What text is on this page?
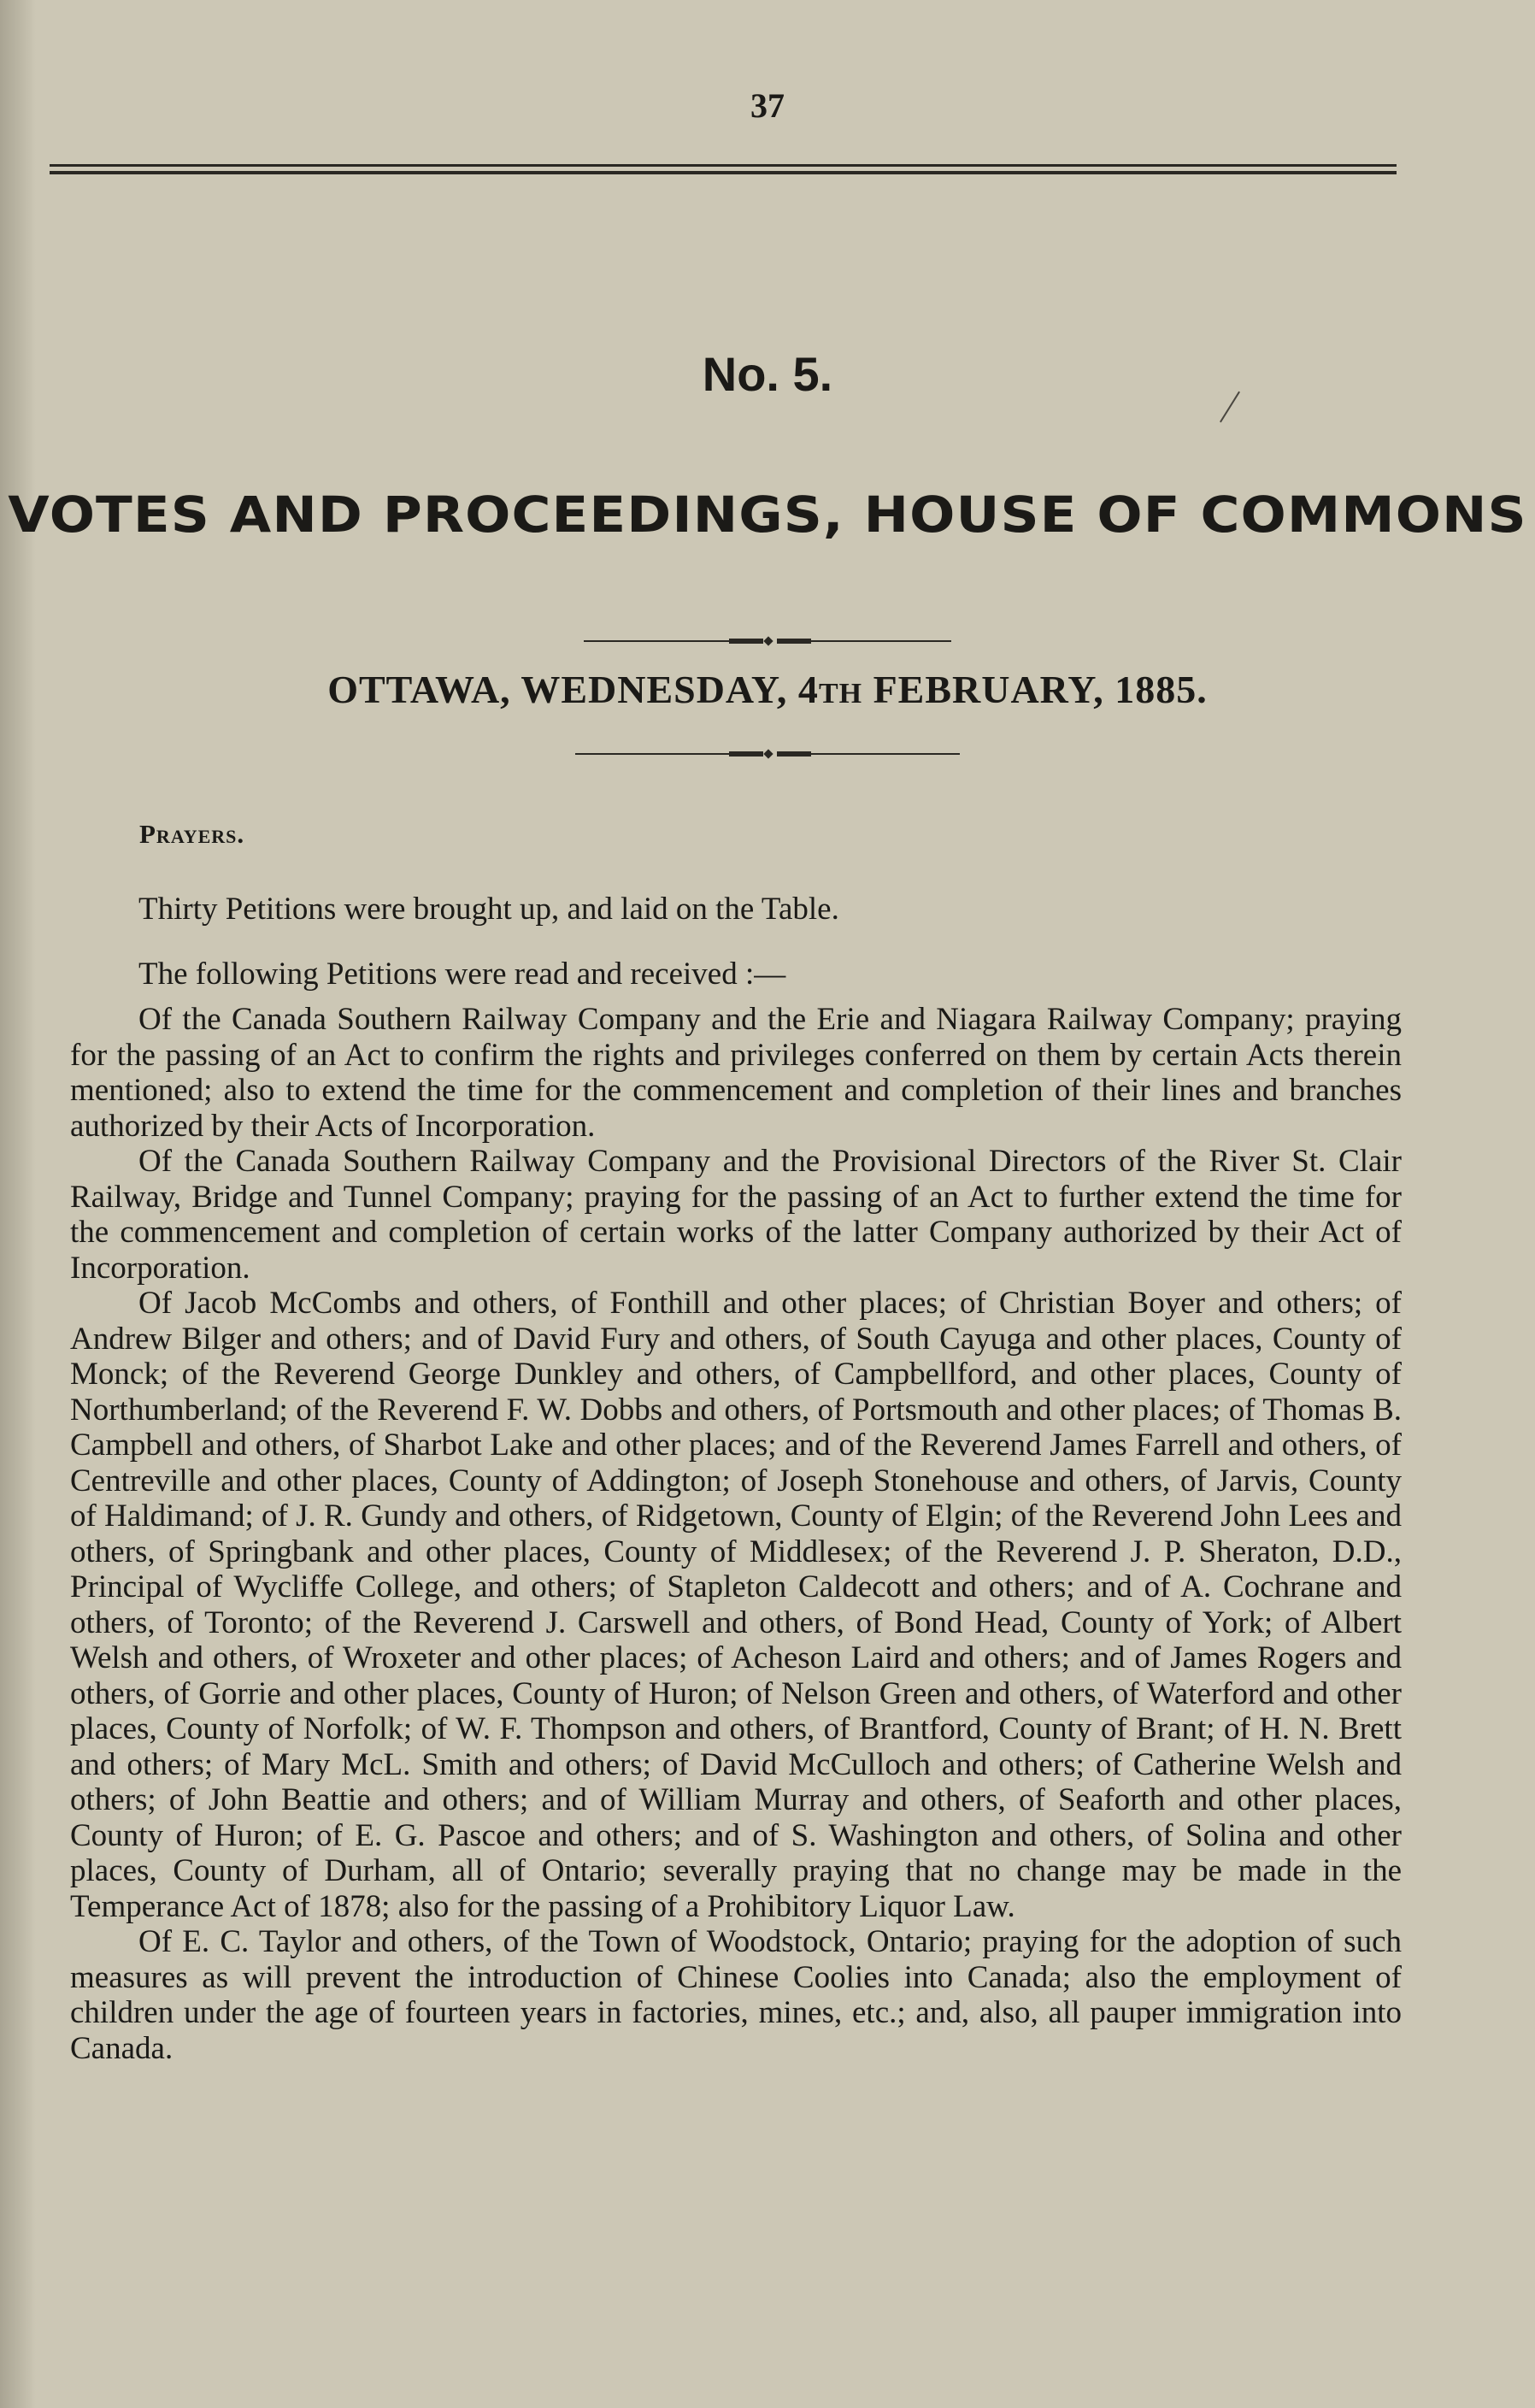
37
No. 5.
VOTES AND PROCEEDINGS, HOUSE OF COMMONS
OTTAWA, WEDNESDAY, 4TH FEBRUARY, 1885.
Prayers.
Thirty Petitions were brought up, and laid on the Table.
The following Petitions were read and received :—

Of the Canada Southern Railway Company and the Erie and Niagara Railway Company; praying for the passing of an Act to confirm the rights and privileges conferred on them by certain Acts therein mentioned; also to extend the time for the commencement and completion of their lines and branches authorized by their Acts of Incorporation.

Of the Canada Southern Railway Company and the Provisional Directors of the River St. Clair Railway, Bridge and Tunnel Company; praying for the passing of an Act to further extend the time for the commencement and completion of certain works of the latter Company authorized by their Act of Incorporation.

Of Jacob McCombs and others, of Fonthill and other places; of Christian Boyer and others; of Andrew Bilger and others; and of David Fury and others, of South Cayuga and other places, County of Monck; of the Reverend George Dunkley and others, of Campbellford, and other places, County of Northumberland; of the Reverend F. W. Dobbs and others, of Portsmouth and other places; of Thomas B. Campbell and others, of Sharbot Lake and other places; and of the Reverend James Farrell and others, of Centreville and other places, County of Addington; of Joseph Stonehouse and others, of Jarvis, County of Haldimand; of J. R. Gundy and others, of Ridgetown, County of Elgin; of the Reverend John Lees and others, of Springbank and other places, County of Middlesex; of the Reverend J. P. Sheraton, D.D., Principal of Wycliffe College, and others; of Stapleton Caldecott and others; and of A. Cochrane and others, of Toronto; of the Reverend J. Carswell and others, of Bond Head, County of York; of Albert Welsh and others, of Wroxeter and other places; of Acheson Laird and others; and of James Rogers and others, of Gorrie and other places, County of Huron; of Nelson Green and others, of Waterford and other places, County of Norfolk; of W. F. Thompson and others, of Brantford, County of Brant; of H. N. Brett and others; of Mary McL. Smith and others; of David McCulloch and others; of Catherine Welsh and others; of John Beattie and others; and of William Murray and others, of Seaforth and other places, County of Huron; of E. G. Pascoe and others; and of S. Washington and others, of Solina and other places, County of Durham, all of Ontario; severally praying that no change may be made in the Temperance Act of 1878; also for the passing of a Prohibitory Liquor Law.

Of E. C. Taylor and others, of the Town of Woodstock, Ontario; praying for the adoption of such measures as will prevent the introduction of Chinese Coolies into Canada; also the employment of children under the age of fourteen years in factories, mines, etc.; and, also, all pauper immigration into Canada.
